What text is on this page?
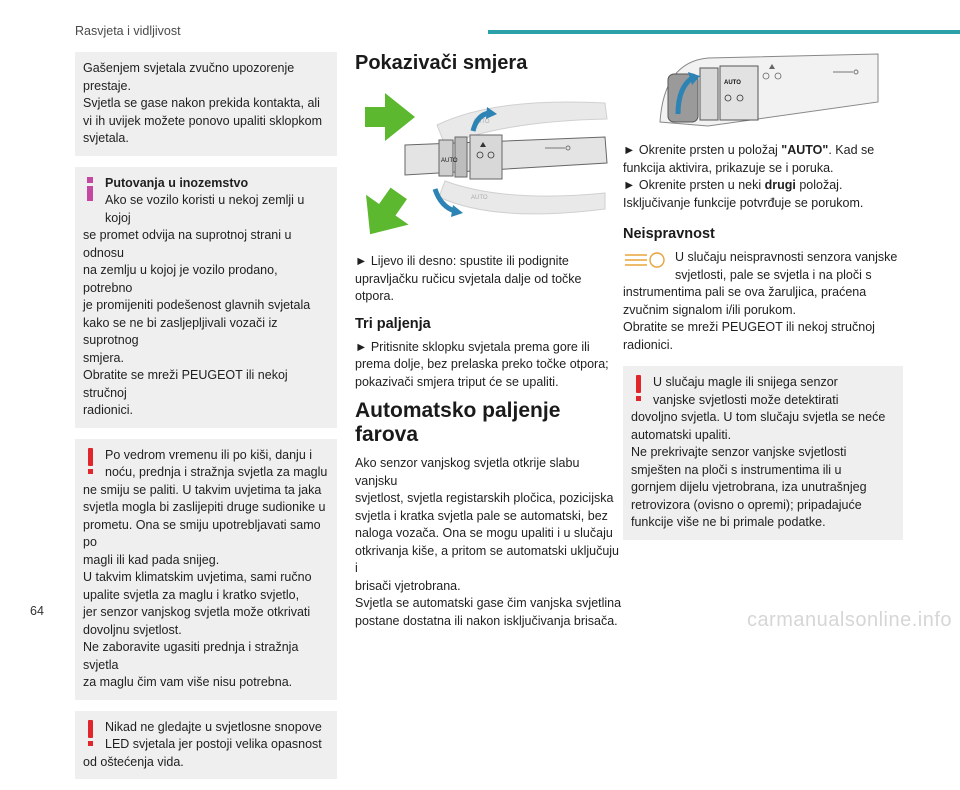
Rasvjeta i vidljivost

Gašenjem svjetala zvučno upozorenje

prestaje.

Svjetla se gase nakon prekida kontakta, ali

vi ih uvijek možete ponovo upaliti sklopkom

svjetala.

Putovanja u inozemstvo

Ako se vozilo koristi u nekoj zemlji u kojoj

se promet odvija na suprotnoj strani u odnosu

na zemlju u kojoj je vozilo prodano, potrebno

je promijeniti podešenost glavnih svjetala

kako se ne bi zasljepljivali vozači iz suprotnog

smjera.

Obratite se mreži PEUGEOT ili nekoj stručnoj

radionici.

Po vedrom vremenu ili po kiši, danju i

noću, prednja i stražnja svjetla za maglu

ne smiju se paliti. U takvim uvjetima ta jaka

svjetla mogla bi zaslijepiti druge sudionike u

prometu. Ona se smiju upotrebljavati samo po

magli ili kad pada snijeg.

U takvim klimatskim uvjetima, sami ručno

upalite svjetla za maglu i kratko svjetlo,

jer senzor vanjskog svjetla može otkrivati

dovoljnu svjetlost.

Ne zaboravite ugasiti prednja i stražnja svjetla

za maglu čim vam više nisu potrebna.

Nikad ne gledajte u svjetlosne snopove

LED svjetala jer postoji velika opasnost

od oštećenja vida.

Pokazivači smjera
AUTO
AUTO
AUTO

► Lijevo ili desno: spustite ili podignite

upravljačku ručicu svjetala dalje od točke otpora.

Tri paljenja

► Pritisnite sklopku svjetala prema gore ili

prema dolje, bez prelaska preko točke otpora;

pokazivači smjera triput će se upaliti.

Automatsko paljenje farova

Ako senzor vanjskog svjetla otkrije slabu vanjsku

svjetlost, svjetla registarskih pločica, pozicijska

svjetla i kratka svjetla pale se automatski, bez

naloga vozača. Ona se mogu upaliti i u slučaju

otkrivanja kiše, a pritom se automatski uključuju i

brisači vjetrobrana.

Svjetla se automatski gase čim vanjska svjetlina

postane dostatna ili nakon isključivanja brisača.

AUTO

► Okrenite prsten u položaj "AUTO". Kad se

funkcija aktivira, prikazuje se i poruka.

► Okrenite prsten u neki drugi položaj.

Isključivanje funkcije potvrđuje se porukom.

Neispravnost

U slučaju neispravnosti senzora vanjske

svjetlosti, pale se svjetla i na ploči s

instrumentima pali se ova žaruljica, praćena

zvučnim signalom i/ili porukom.

Obratite se mreži PEUGEOT ili nekoj stručnoj

radionici.

U slučaju magle ili snijega senzor

vanjske svjetlosti može detektirati

dovoljno svjetla. U tom slučaju svjetla se neće

automatski upaliti.

Ne prekrivajte senzor vanjske svjetlosti

smješten na ploči s instrumentima ili u

gornjem dijelu vjetrobrana, iza unutrašnjeg

retrovizora (ovisno o opremi); pripadajuće

funkcije više ne bi primale podatke.

64	carmanualsonline.info
